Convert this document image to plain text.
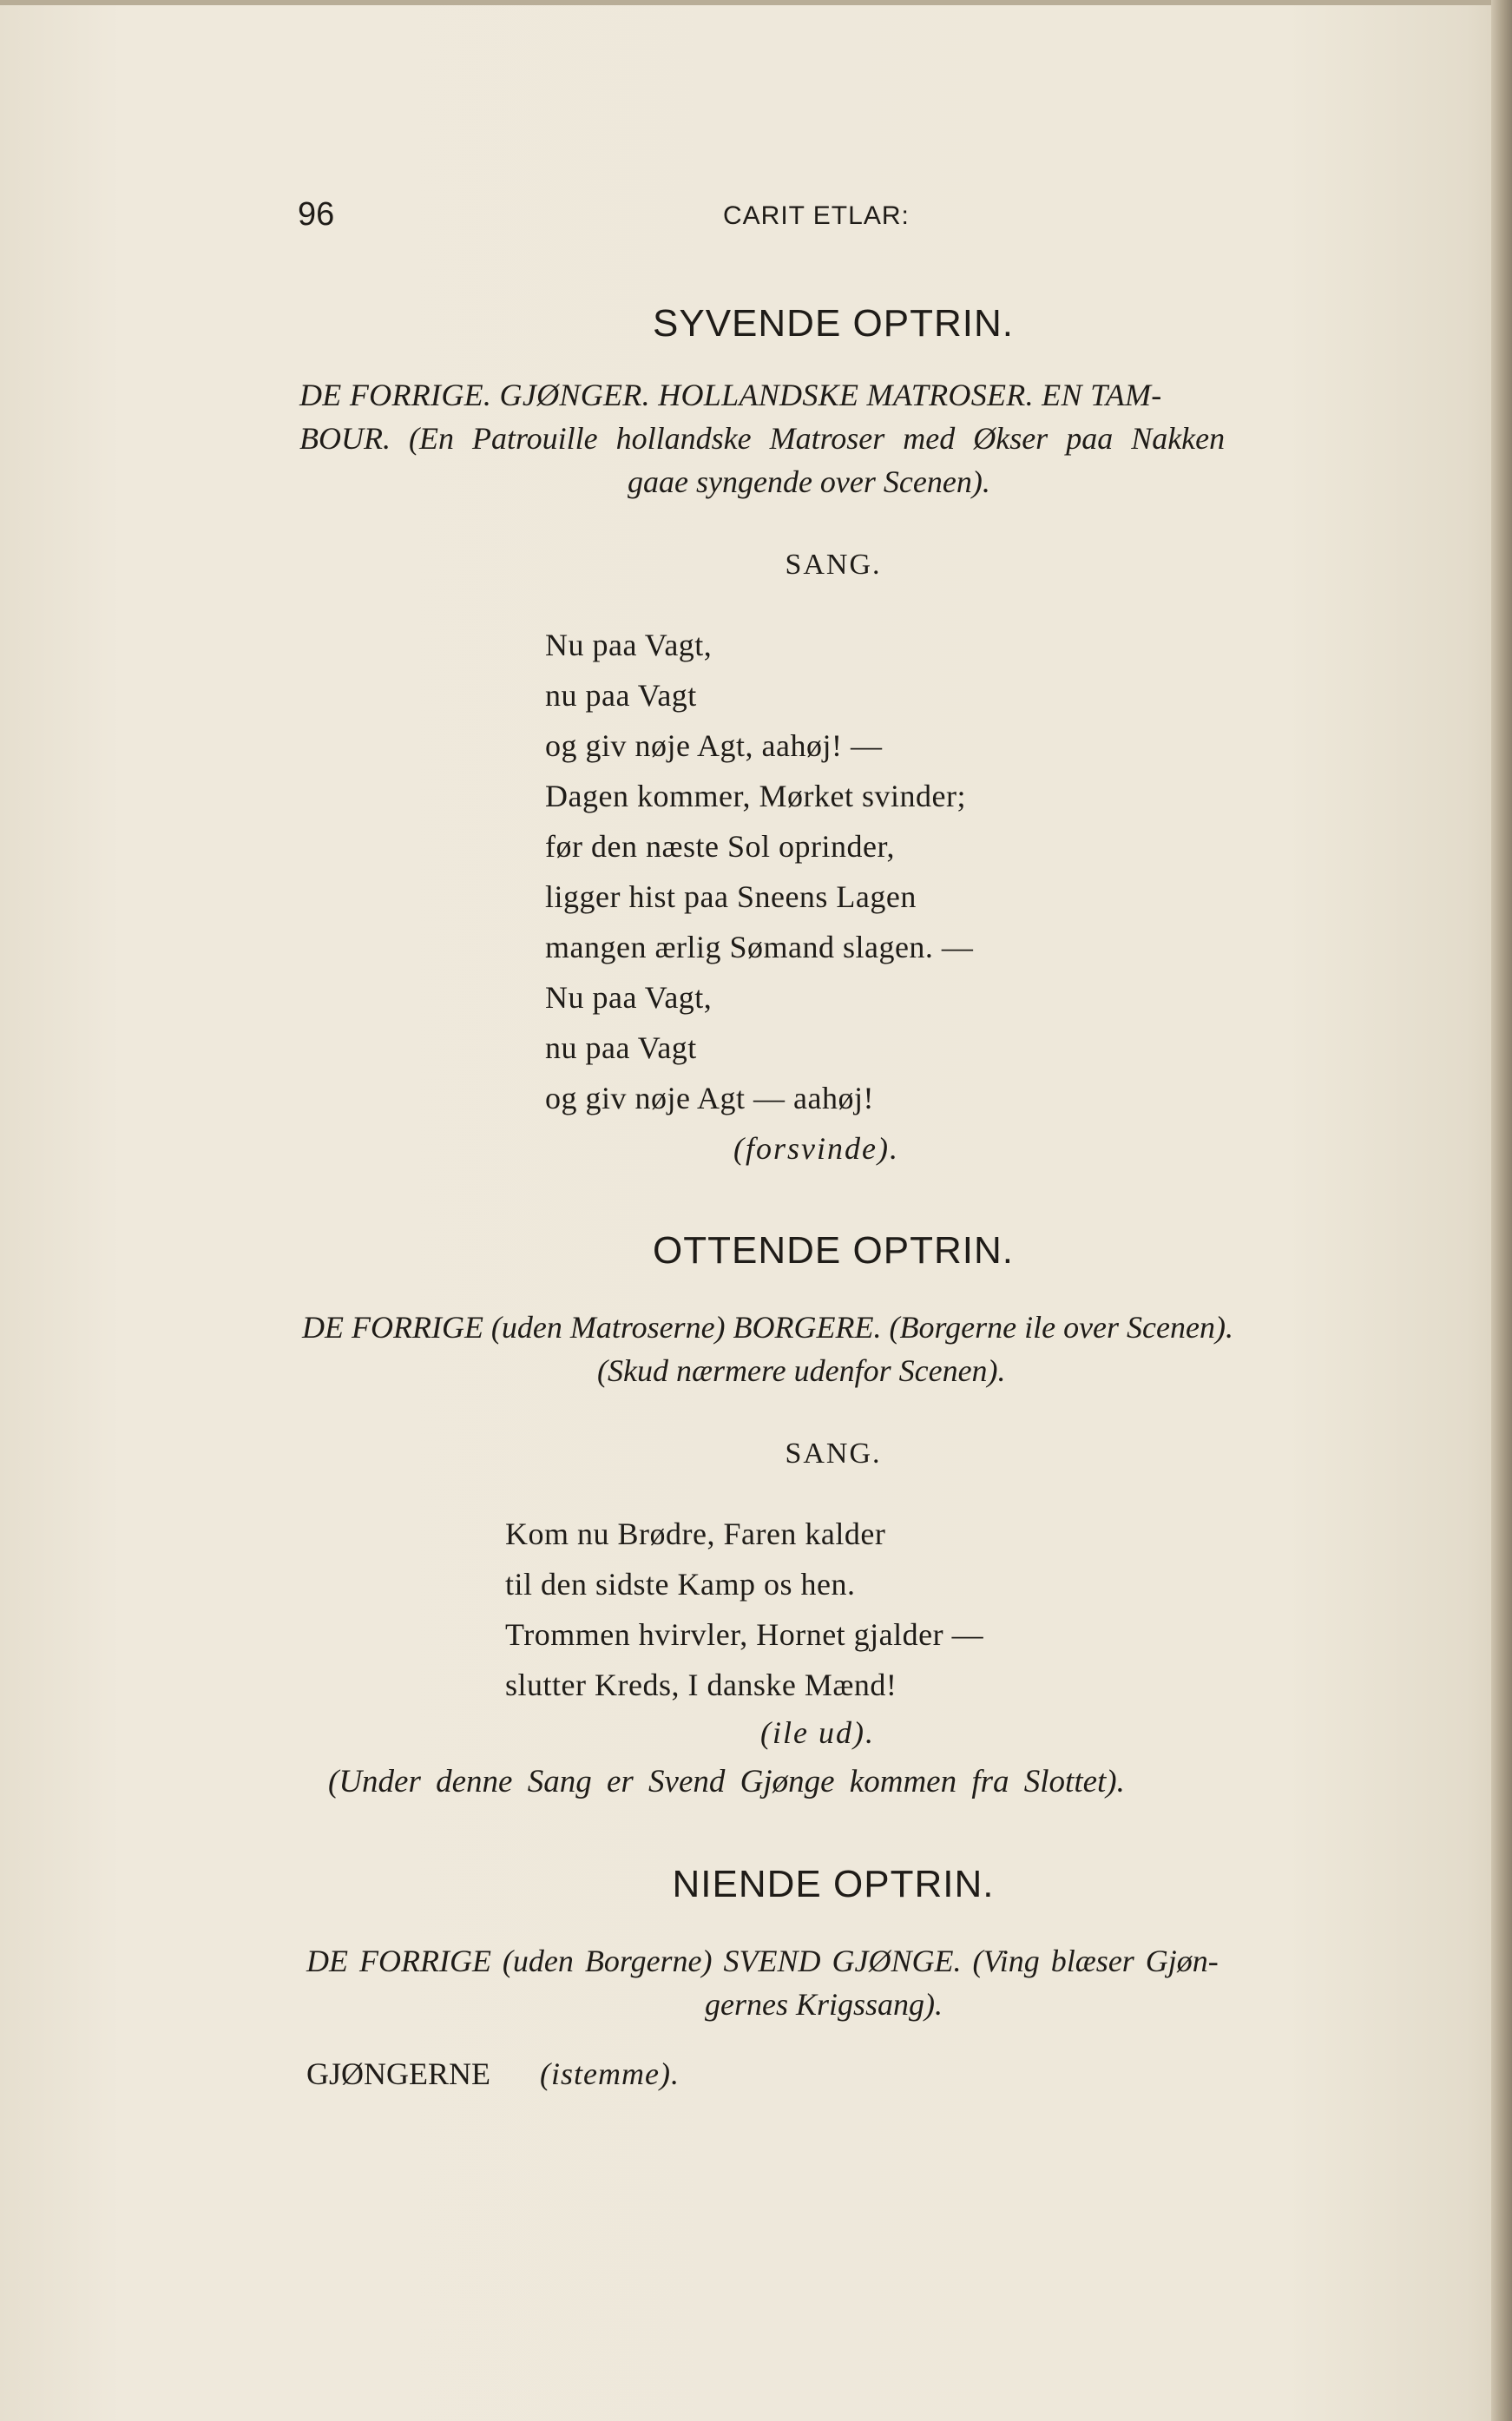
96	CARIT ETLAR:
SYVENDE OPTRIN.
DE FORRIGE. GJØNGER. HOLLANDSKE MATROSER. EN TAM-
BOUR. (En Patrouille hollandske Matroser med Økser paa Nakken
gaae syngende over Scenen).
SANG.
Nu paa Vagt,
nu paa Vagt
og giv nøje Agt, aahøj! —
Dagen kommer, Mørket svinder;
før den næste Sol oprinder,
ligger hist paa Sneens Lagen
mangen ærlig Sømand slagen. —
Nu paa Vagt,
nu paa Vagt
og giv nøje Agt — aahøj!
(forsvinde).
OTTENDE OPTRIN.
DE FORRIGE (uden Matroserne) BORGERE. (Borgerne ile over Scenen).
(Skud nærmere udenfor Scenen).
SANG.
Kom nu Brødre, Faren kalder
til den sidste Kamp os hen.
Trommen hvirvler, Hornet gjalder —
slutter Kreds, I danske Mænd!
(ile ud).
(Under denne Sang er Svend Gjønge kommen fra Slottet).
NIENDE OPTRIN.
DE FORRIGE (uden Borgerne) SVEND GJØNGE. (Ving blæser Gjøn-
gernes Krigssang).
GJØNGERNE (istemme).
